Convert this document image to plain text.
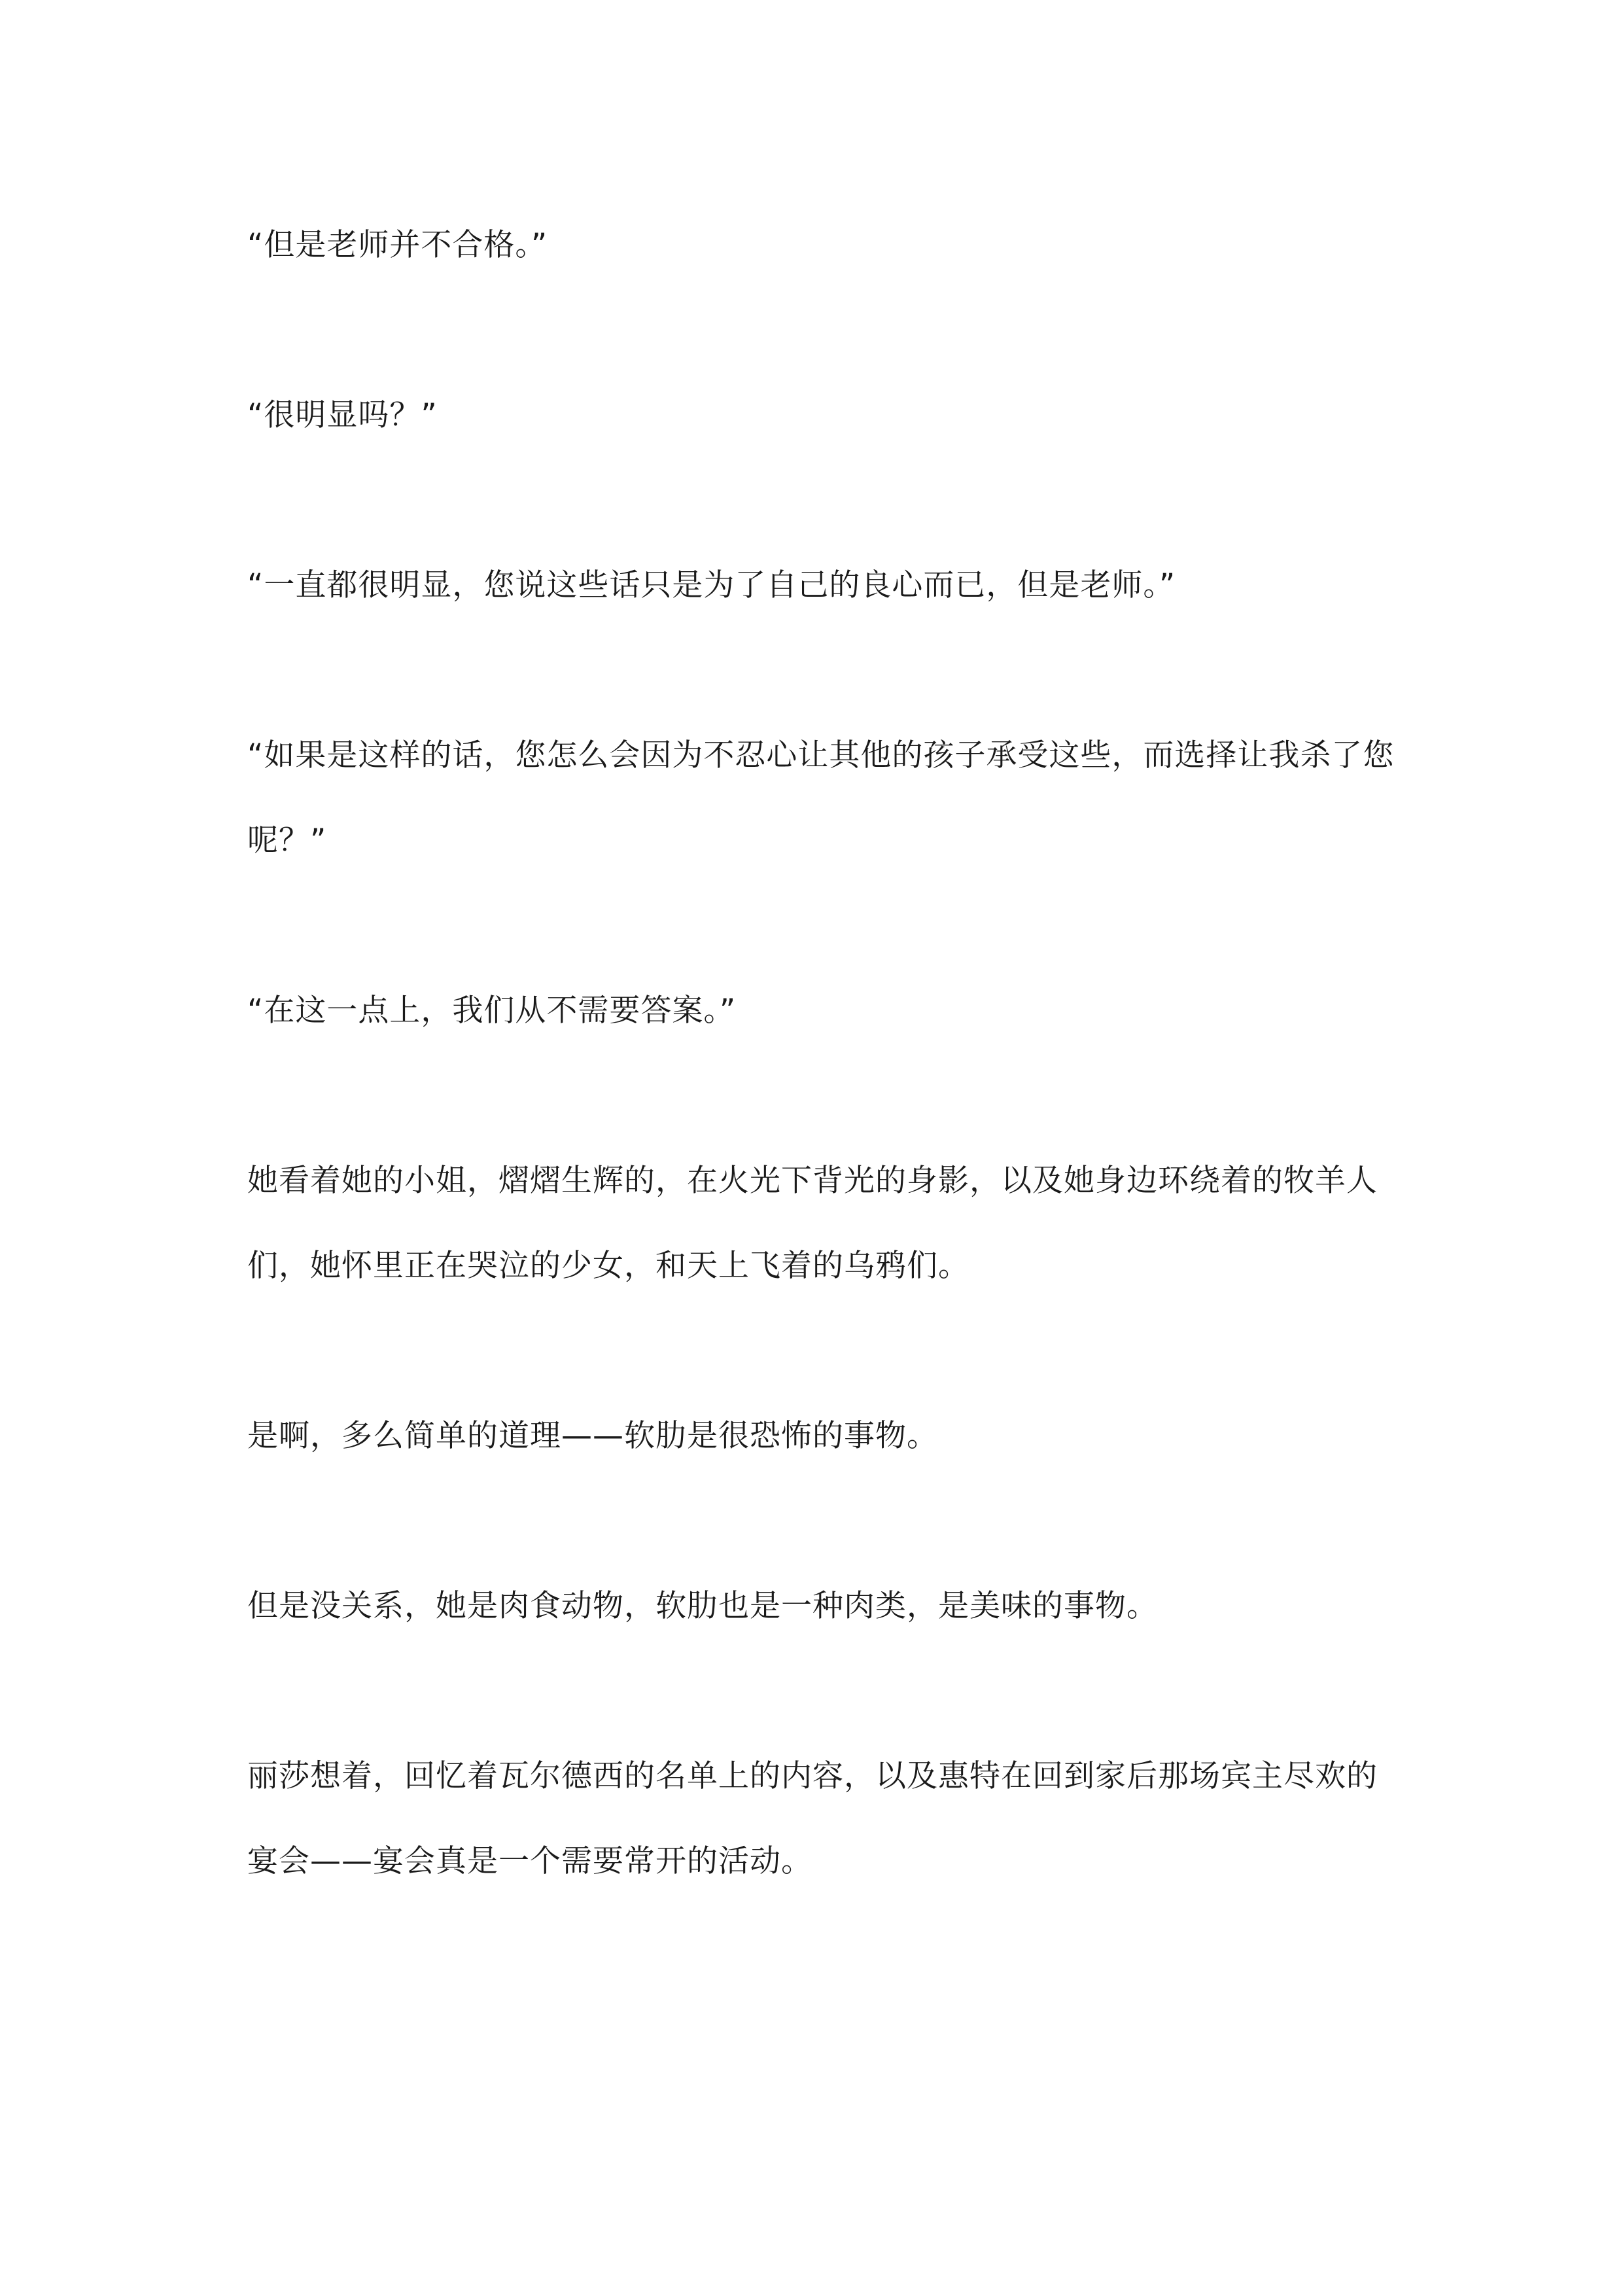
“但是老师并不合格。”

“很明显吗？”

“一直都很明显，您说这些话只是为了自己的良心而已，但是老师。”

“如果是这样的话，您怎么会因为不忍心让其他的孩子承受这些，而选择让我杀了您呢？”

“在这一点上，我们从不需要答案。”

她看着她的小姐，熠熠生辉的，在火光下背光的身影，以及她身边环绕着的牧羊人们，她怀里正在哭泣的少女，和天上飞着的乌鸦们。

是啊，多么简单的道理——软肋是很恐怖的事物。

但是没关系，她是肉食动物，软肋也是一种肉类，是美味的事物。

丽莎想着，回忆着瓦尔德西的名单上的内容，以及惠特在回到家后那场宾主尽欢的宴会——宴会真是一个需要常开的活动。
